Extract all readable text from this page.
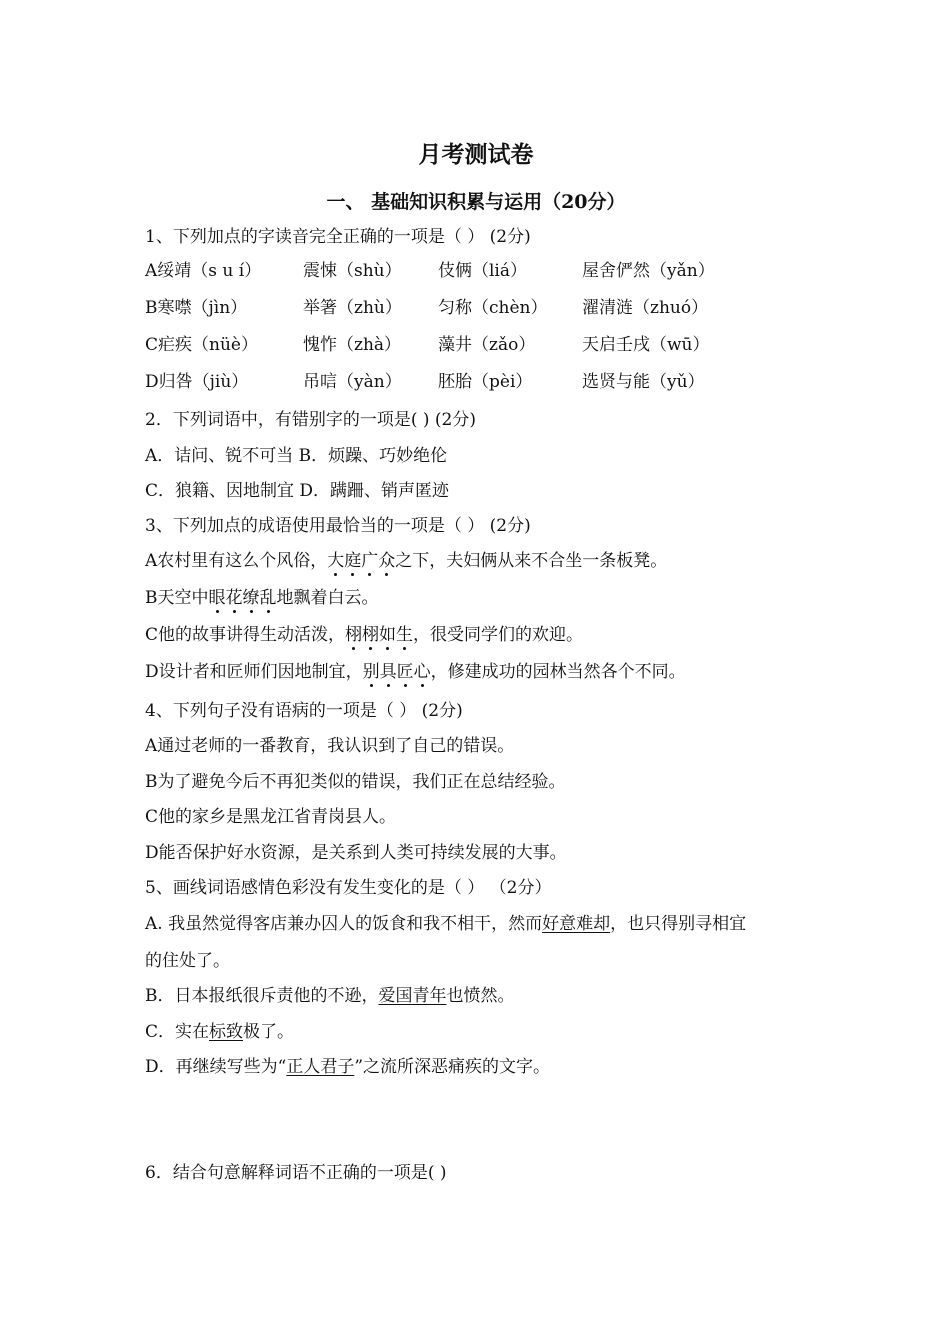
月考测试卷
一、 基础知识积累与运用（20分）
1、下列加点的字读音完全正确的一项是（ ） (2分)
A绥靖（s u í） 震悚（shù） 伎俩（liá）	屋舍俨然（yǎn）
B寒噤（jìn）	举箸（zhù） 匀称（chèn） 濯清涟（zhuó）
C疟疾（nüè）	愧怍（zhà） 藻井（zǎo）	天启壬戌（wū）
D归咎（jiù）	吊唁（yàn） 胚胎（pèi）	选贤与能（yǔ）
2．下列词语中，有错别字的一项是( ) (2分)
A．诘问、锐不可当 B．烦躁、巧妙绝伦
C．狼籍、因地制宜 D．蹒跚、销声匿迹
3、下列加点的成语使用最恰当的一项是（ ） (2分)
A农村里有这么个风俗，大庭广众之下，夫妇俩从来不合坐一条板凳。
B天空中眼花缭乱地飘着白云。
C他的故事讲得生动活泼，栩栩如生，很受同学们的欢迎。
D设计者和匠师们因地制宜，别具匠心，修建成功的园林当然各个不同。
4、下列句子没有语病的一项是（ ） (2分)
A通过老师的一番教育，我认识到了自己的错误。
B为了避免今后不再犯类似的错误，我们正在总结经验。
C他的家乡是黑龙江省青岗县人。
D能否保护好水资源，是关系到人类可持续发展的大事。
5、画线词语感情色彩没有发生变化的是（ ） （2分）
A. 我虽然觉得客店兼办囚人的饭食和我不相干，然而好意难却，也只得别寻相宜
的住处了。
B．日本报纸很斥责他的不逊，爱国青年也愤然。
C．实在标致极了。
D．再继续写些为“正人君子”之流所深恶痛疾的文字。
6．结合句意解释词语不正确的一项是( )
